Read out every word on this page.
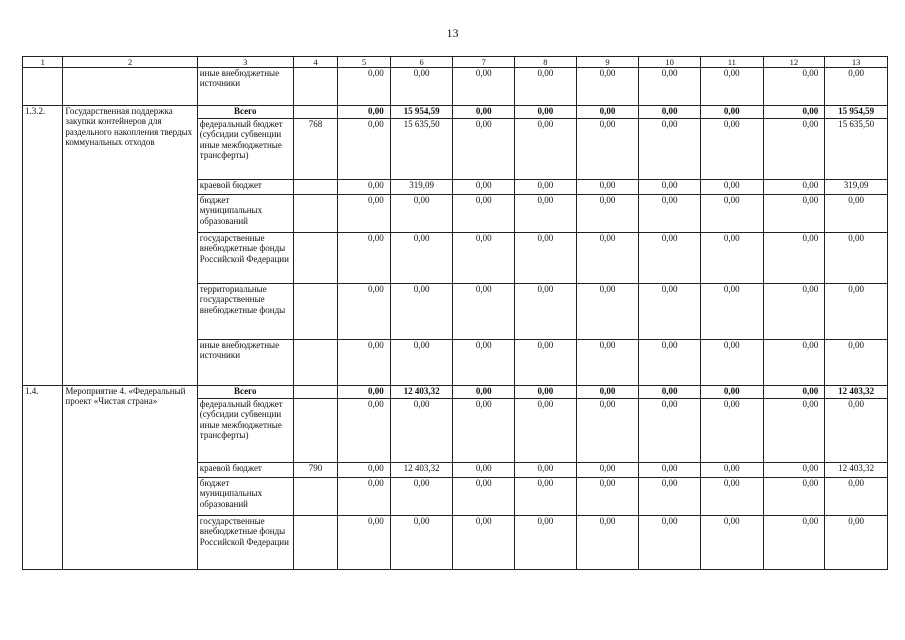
13
1	2	3	4	5	6	7	8	9	10	11	12	13
		иные внебюджетные источники		0,00	0,00	0,00	0,00	0,00	0,00	0,00	0,00	0,00
1.3.2.	Государственная поддержка закупки контейнеров для раздельного накопления твердых коммунальных отходов	Всего		0,00	15 954,59	0,00	0,00	0,00	0,00	0,00	0,00	15 954,59
		федеральный бюджет (субсидии субвенции иные межбюджетные трансферты)	768	0,00	15 635,50	0,00	0,00	0,00	0,00	0,00	0,00	15 635,50
		краевой бюджет		0,00	319,09	0,00	0,00	0,00	0,00	0,00	0,00	319,09
		бюджет муниципальных образований		0,00	0,00	0,00	0,00	0,00	0,00	0,00	0,00	0,00
		государственные внебюджетные фонды Российской Федерации		0,00	0,00	0,00	0,00	0,00	0,00	0,00	0,00	0,00
		территориальные государственные внебюджетные фонды		0,00	0,00	0,00	0,00	0,00	0,00	0,00	0,00	0,00
		иные внебюджетные источники		0,00	0,00	0,00	0,00	0,00	0,00	0,00	0,00	0,00
1.4.	Мероприятие 4. «Федеральный проект «Чистая страна»	Всего		0,00	12 403,32	0,00	0,00	0,00	0,00	0,00	0,00	12 403,32
		федеральный бюджет (субсидии субвенции иные межбюджетные трансферты)		0,00	0,00	0,00	0,00	0,00	0,00	0,00	0,00	0,00
		краевой бюджет	790	0,00	12 403,32	0,00	0,00	0,00	0,00	0,00	0,00	12 403,32
		бюджет муниципальных образований		0,00	0,00	0,00	0,00	0,00	0,00	0,00	0,00	0,00
		государственные внебюджетные фонды Российской Федерации		0,00	0,00	0,00	0,00	0,00	0,00	0,00	0,00	0,00
